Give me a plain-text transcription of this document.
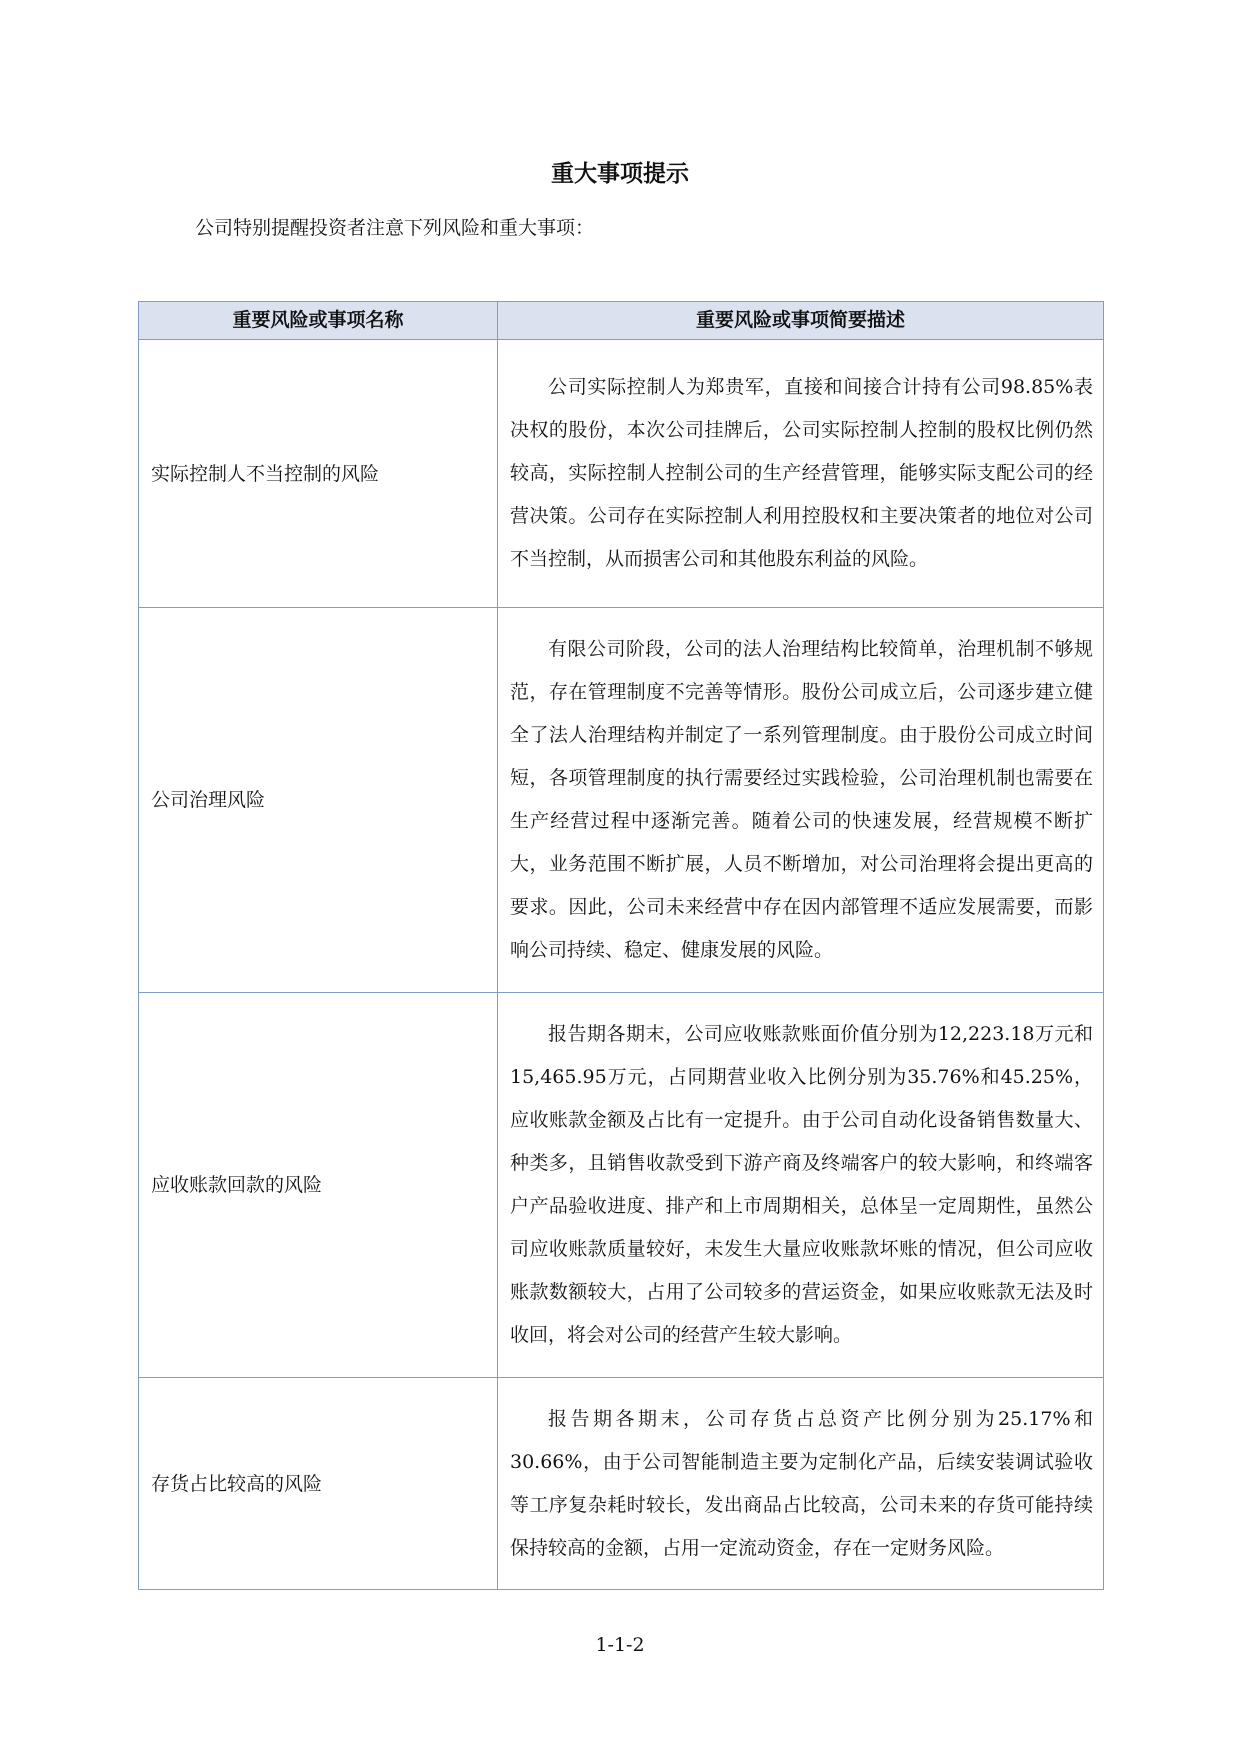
重大事项提示
公司特别提醒投资者注意下列风险和重大事项：
重要风险或事项名称	重要风险或事项简要描述
实际控制人不当控制的风险	公司实际控制人为郑贵军，直接和间接合计持有公司98.85%表决权的股份，本次公司挂牌后，公司实际控制人控制的股权比例仍然较高，实际控制人控制公司的生产经营管理，能够实际支配公司的经营决策。公司存在实际控制人利用控股权和主要决策者的地位对公司不当控制，从而损害公司和其他股东利益的风险。
公司治理风险	有限公司阶段，公司的法人治理结构比较简单，治理机制不够规范，存在管理制度不完善等情形。股份公司成立后，公司逐步建立健全了法人治理结构并制定了一系列管理制度。由于股份公司成立时间短，各项管理制度的执行需要经过实践检验，公司治理机制也需要在生产经营过程中逐渐完善。随着公司的快速发展，经营规模不断扩大，业务范围不断扩展，人员不断增加，对公司治理将会提出更高的要求。因此，公司未来经营中存在因内部管理不适应发展需要，而影响公司持续、稳定、健康发展的风险。
应收账款回款的风险	报告期各期末，公司应收账款账面价值分别为12,223.18万元和15,465.95万元，占同期营业收入比例分别为35.76%和45.25%，应收账款金额及占比有一定提升。由于公司自动化设备销售数量大、种类多，且销售收款受到下游产商及终端客户的较大影响，和终端客户产品验收进度、排产和上市周期相关，总体呈一定周期性，虽然公司应收账款质量较好，未发生大量应收账款坏账的情况，但公司应收账款数额较大，占用了公司较多的营运资金，如果应收账款无法及时收回，将会对公司的经营产生较大影响。
存货占比较高的风险	报告期各期末，公司存货占总资产比例分别为25.17%和30.66%，由于公司智能制造主要为定制化产品，后续安装调试验收等工序复杂耗时较长，发出商品占比较高，公司未来的存货可能持续保持较高的金额，占用一定流动资金，存在一定财务风险。
1-1-2
